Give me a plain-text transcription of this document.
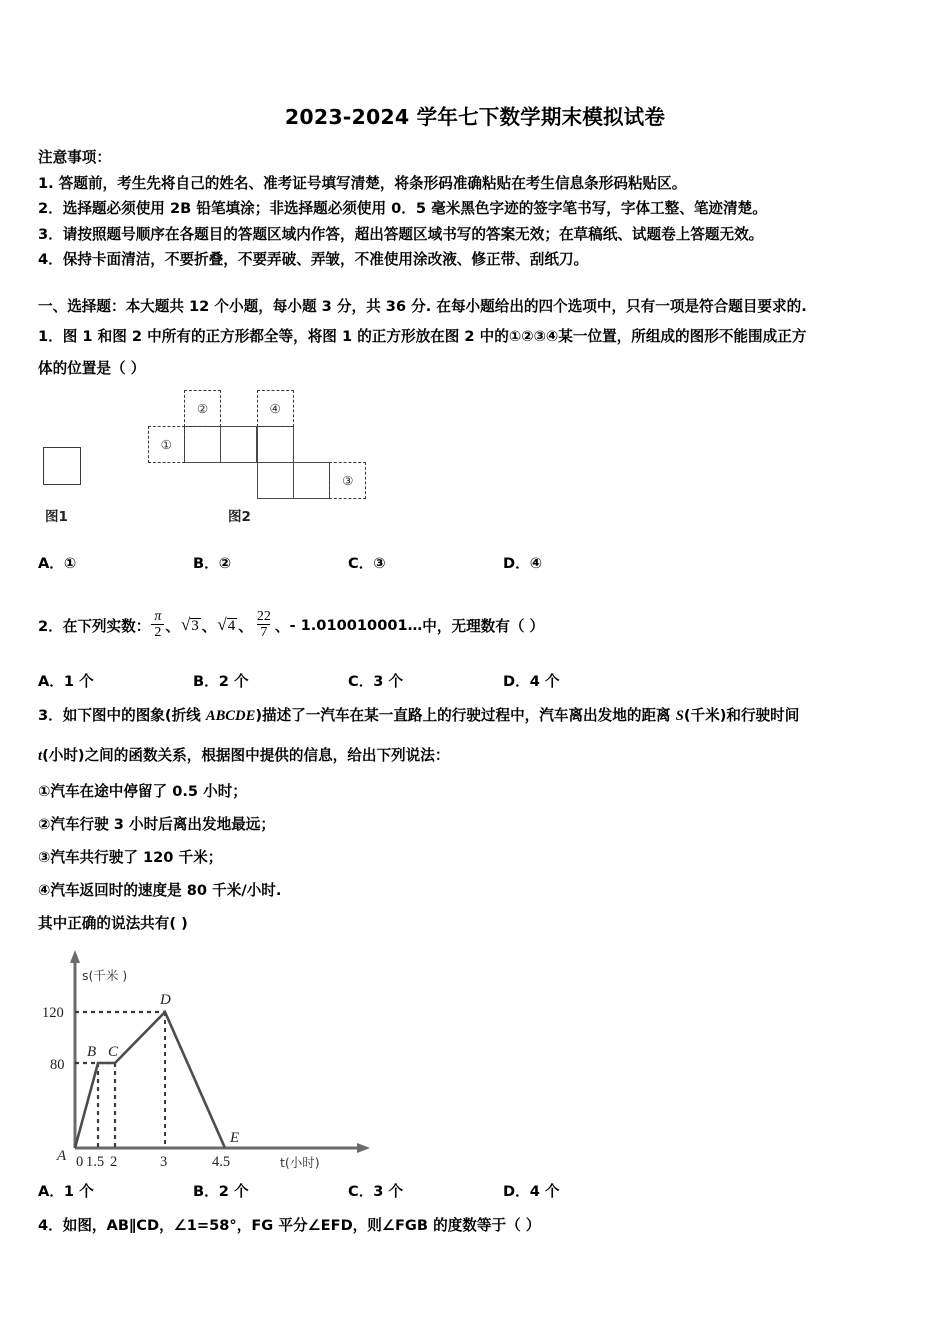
2023-2024 学年七下数学期末模拟试卷
注意事项：
1. 答题前，考生先将自己的姓名、准考证号填写清楚，将条形码准确粘贴在考生信息条形码粘贴区。
2．选择题必须使用 2B 铅笔填涂；非选择题必须使用 0．5 毫米黑色字迹的签字笔书写，字体工整、笔迹清楚。
3．请按照题号顺序在各题目的答题区域内作答，超出答题区域书写的答案无效；在草稿纸、试题卷上答题无效。
4．保持卡面清洁，不要折叠，不要弄破、弄皱，不准使用涂改液、修正带、刮纸刀。
一、选择题：本大题共 12 个小题，每小题 3 分，共 36 分. 在每小题给出的四个选项中，只有一项是符合题目要求的.
1．图 1 和图 2 中所有的正方形都全等，将图 1 的正方形放在图 2 中的①②③④某一位置，所组成的图形不能围成正方
体的位置是（ ）
图1
①
②
③
④
图2
A．①	B．②	C．③	D．④
2．在下列实数： $\frac{\pi}{2}$ 、 √ 3 、 √ 4 、 $\frac{22}{7}$ 、 ‑ 1.010010001… 中，无理数有（ ）
A．1 个	B．2 个	C．3 个	D．4 个
3．如下图中的图象(折线 ABCDE)描述了一汽车在某一直路上的行驶过程中，汽车离出发地的距离 S(千米)和行驶时间
t(小时)之间的函数关系，根据图中提供的信息，给出下列说法：
①汽车在途中停留了 0.5 小时；
②汽车行驶 3 小时后离出发地最远；
③汽车共行驶了 120 千米；
④汽车返回时的速度是 80 千米/小时.
其中正确的说法共有( )
s(千米 )
120
80
0 1.5 2	3	4.5	t(小时)
A
B C
D
E
A．1 个	B．2 个	C．3 个	D．4 个
4．如图，AB∥CD，∠1=58°，FG 平分∠EFD，则∠FGB 的度数等于（ ）
